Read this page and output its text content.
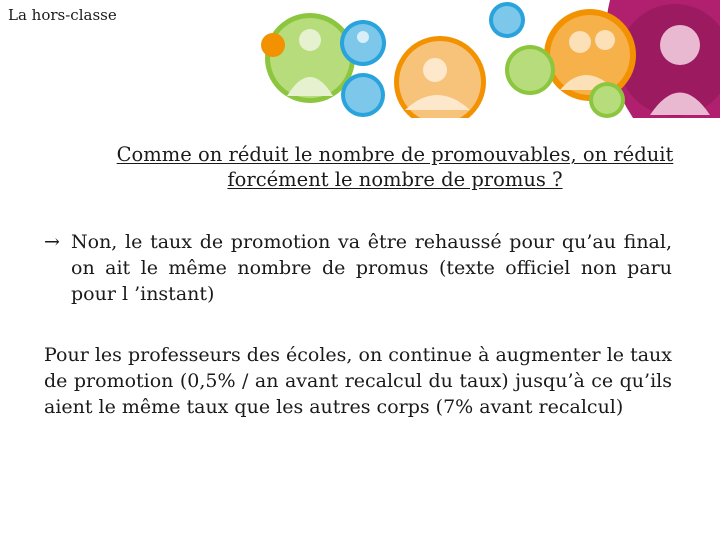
La hors-classe
Comme on réduit le nombre de promouvables, on réduit
forcément le nombre de promus ?
→ Non, le taux de promotion va être rehaussé pour qu’au final, on ait le même nombre de promus (texte officiel non paru pour l ’instant)
Pour les professeurs des écoles, on continue à augmenter le taux de promotion (0,5% / an avant recalcul du taux) jusqu’à ce qu’ils aient le même taux que les autres corps (7% avant recalcul)
